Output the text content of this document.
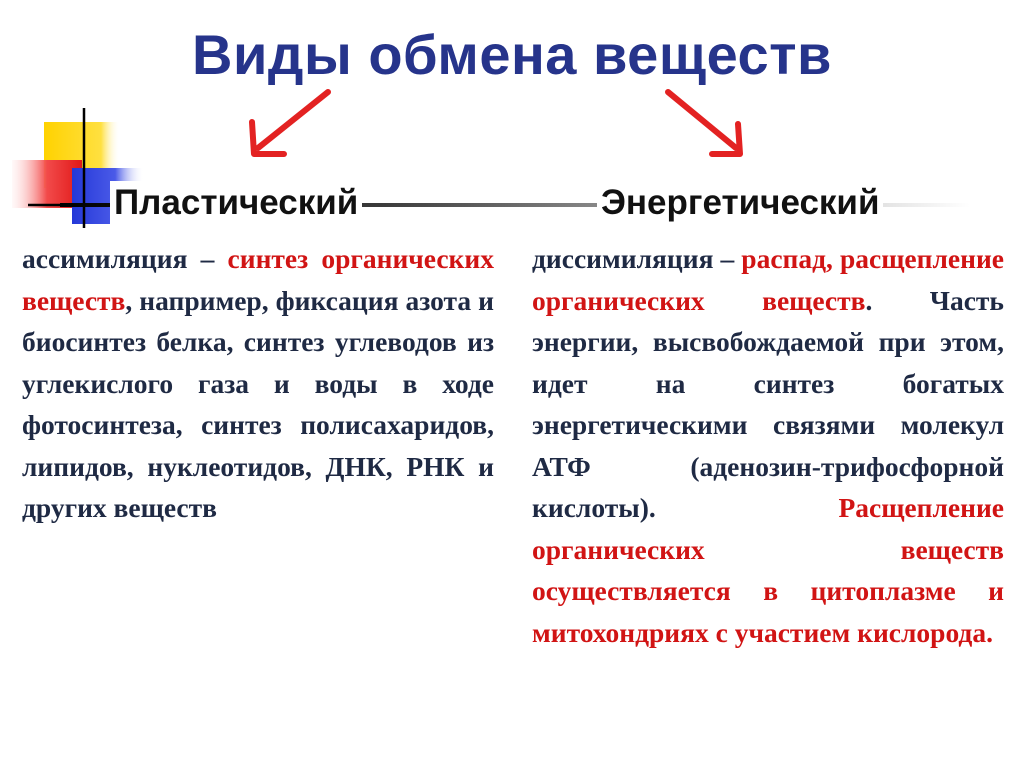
Виды обмена веществ
Пластический	Энергетический
ассимиляция – синтез органических веществ, например, фиксация азота и биосинтез белка, синтез углеводов из углекислого газа и воды в ходе фотосинтеза, синтез полисахаридов, липидов, нуклеотидов, ДНК, РНК и других веществ
диссимиляция – распад, расщепление органических веществ. Часть энергии, высвобождаемой при этом, идет на синтез богатых энергетическими связями молекул АТФ (аденозин-трифосфорной кислоты). Расщепление органических веществ осуществляется в цитоплазме и митохондриях с участием кислорода.
